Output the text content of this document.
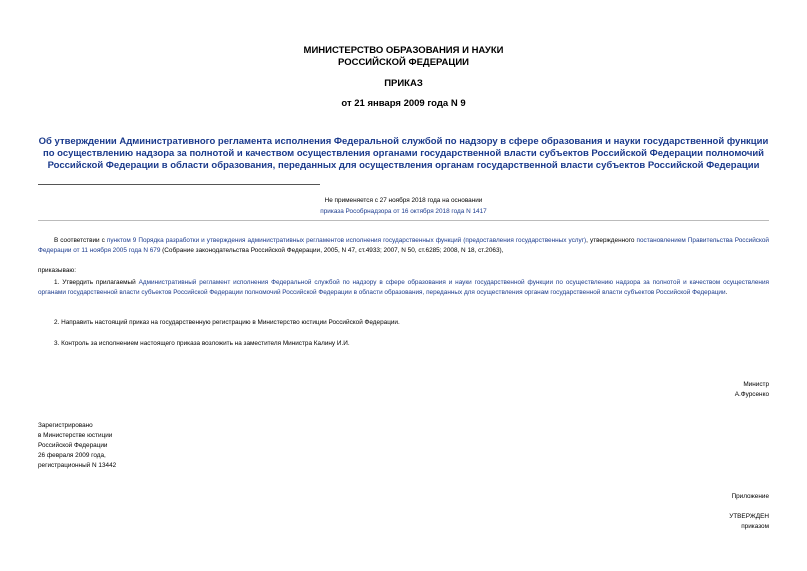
МИНИСТЕРСТВО ОБРАЗОВАНИЯ И НАУКИ
РОССИЙСКОЙ ФЕДЕРАЦИИ
ПРИКАЗ
от 21 января 2009 года N 9
Об утверждении Административного регламента исполнения Федеральной службой по надзору в сфере образования и науки государственной функции по осуществлению надзора за полнотой и качеством осуществления органами государственной власти субъектов Российской Федерации полномочий Российской Федерации в области образования, переданных для осуществления органам государственной власти субъектов Российской Федерации
Не применяется с 27 ноября 2018 года на основании
приказа Рособрнадзора от 16 октября 2018 года N 1417
В соответствии с пунктом 9 Порядка разработки и утверждения административных регламентов исполнения государственных функций (предоставления государственных услуг), утвержденного постановлением Правительства Российской Федерации от 11 ноября 2005 года N 679 (Собрание законодательства Российской Федерации, 2005, N 47, ст.4933; 2007, N 50, ст.6285; 2008, N 18, ст.2063),
приказываю:
1. Утвердить прилагаемый Административный регламент исполнения Федеральной службой по надзору в сфере образования и науки государственной функции по осуществлению надзора за полнотой и качеством осуществления органами государственной власти субъектов Российской Федерации полномочий Российской Федерации в области образования, переданных для осуществления органам государственной власти субъектов Российской Федерации.
2. Направить настоящий приказ на государственную регистрацию в Министерство юстиции Российской Федерации.
3. Контроль за исполнением настоящего приказа возложить на заместителя Министра Калину И.И.
Министр
А.Фурсенко
Зарегистрировано
в Министерстве юстиции
Российской Федерации
26 февраля 2009 года,
регистрационный N 13442
Приложение
УТВЕРЖДЕН
приказом
